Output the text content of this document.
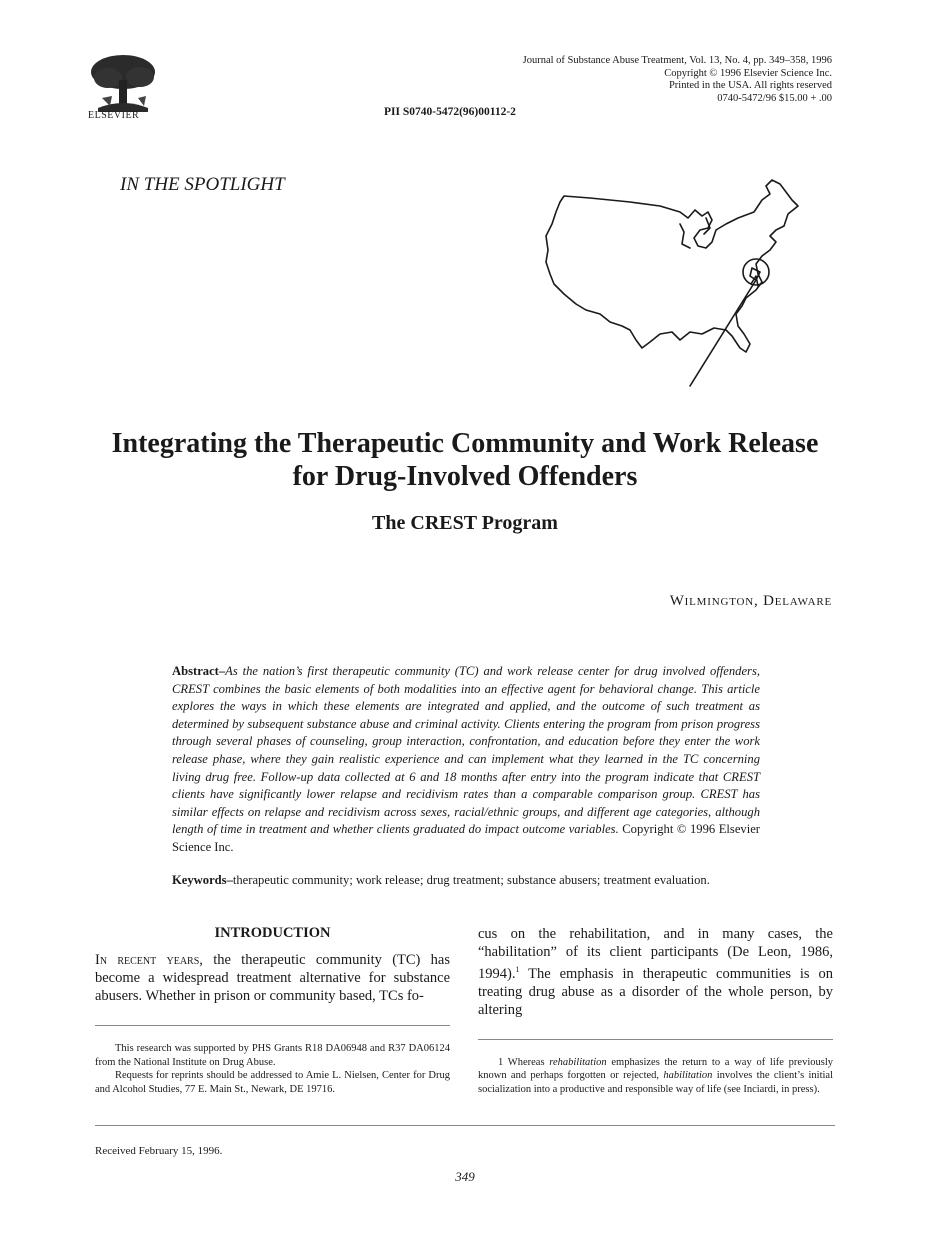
ELSEVIER
Journal of Substance Abuse Treatment, Vol. 13, No. 4, pp. 349–358, 1996
Copyright © 1996 Elsevier Science Inc.
Printed in the USA. All rights reserved
0740-5472/96 $15.00 + .00
PII S0740-5472(96)00112-2
IN THE SPOTLIGHT
Integrating the Therapeutic Community and Work Release
for Drug-Involved Offenders
The CREST Program
Wilmington, Delaware
Abstract–As the nation’s first therapeutic community (TC) and work release center for drug involved offenders, CREST combines the basic elements of both modalities into an effective agent for behavioral change. This article explores the ways in which these elements are integrated and applied, and the outcome of such treatment as determined by subsequent substance abuse and criminal activity. Clients entering the program from prison progress through several phases of counseling, group interaction, confrontation, and education before they enter the work release phase, where they gain realistic experience and can implement what they learned in the TC concerning living drug free. Follow-up data collected at 6 and 18 months after entry into the program indicate that CREST clients have significantly lower relapse and recidivism rates than a comparable comparison group. CREST has similar effects on relapse and recidivism across sexes, racial/ethnic groups, and different age categories, although length of time in treatment and whether clients graduated do impact outcome variables. Copyright © 1996 Elsevier Science Inc.
Keywords–therapeutic community; work release; drug treatment; substance abusers; treatment evaluation.
INTRODUCTION
In recent years, the therapeutic community (TC) has become a widespread treatment alternative for substance abusers. Whether in prison or community based, TCs fo-

This research was supported by PHS Grants R18 DA06948 and R37 DA06124 from the National Institute on Drug Abuse.

Requests for reprints should be addressed to Amie L. Nielsen, Center for Drug and Alcohol Studies, 77 E. Main St., Newark, DE 19716.

cus on the rehabilitation, and in many cases, the “habilitation” of its client participants (De Leon, 1986, 1994).$^1$ The emphasis in therapeutic communities is on treating drug abuse as a disorder of the whole person, by altering

1 Whereas rehabilitation emphasizes the return to a way of life previously known and perhaps forgotten or rejected, habilitation involves the client’s initial socialization into a productive and responsible way of life (see Inciardi, in press).

Received February 15, 1996.
349
